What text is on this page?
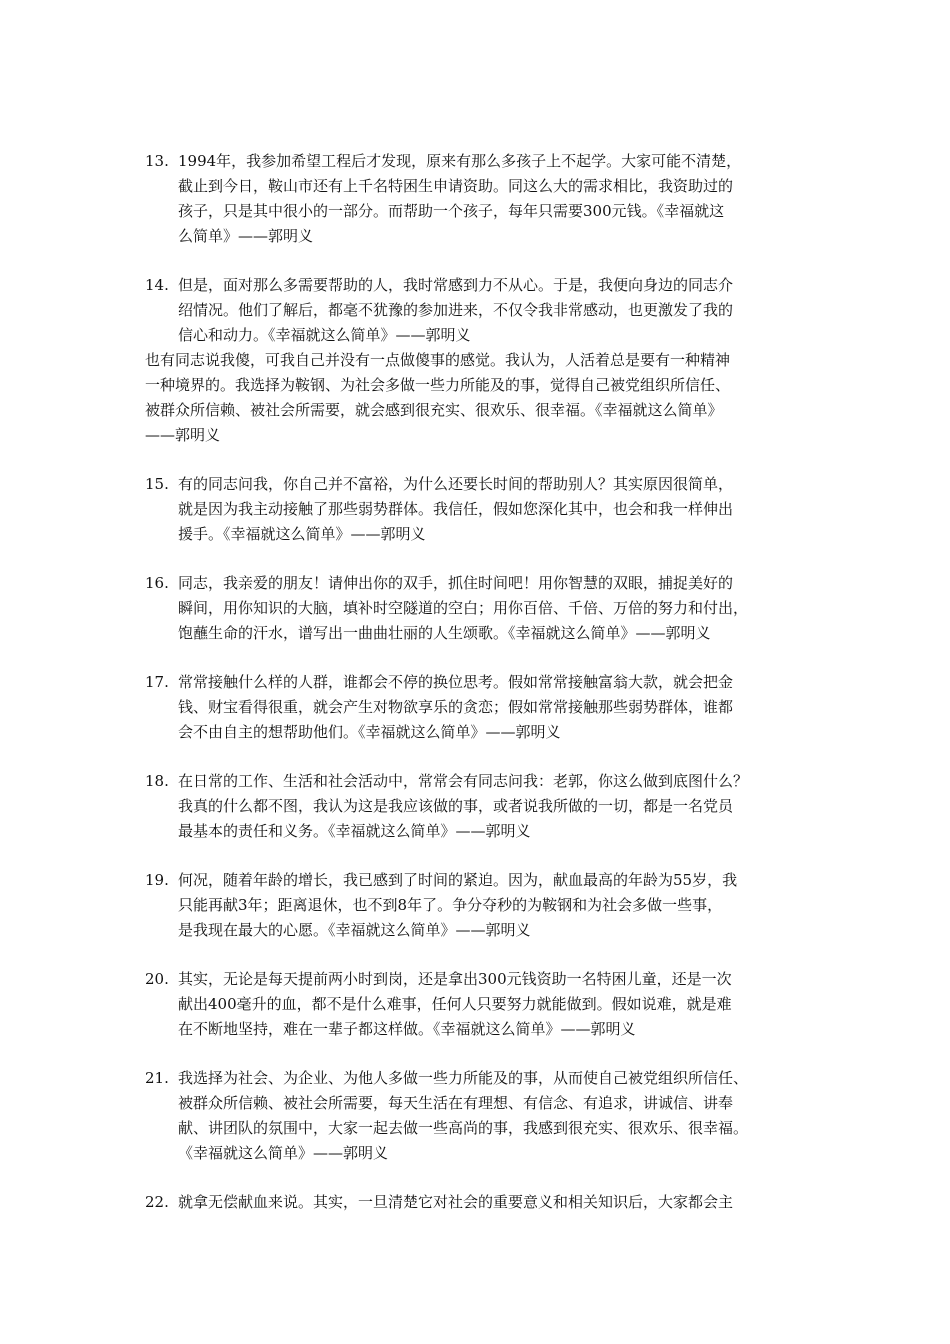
13. 1994年，我参加希望工程后才发现，原来有那么多孩子上不起学。大家可能不清楚，
截止到今日，鞍山市还有上千名特困生申请资助。同这么大的需求相比，我资助过的
孩子，只是其中很小的一部分。而帮助一个孩子，每年只需要300元钱。《幸福就这
么简单》——郭明义
14. 但是，面对那么多需要帮助的人，我时常感到力不从心。于是，我便向身边的同志介
绍情况。他们了解后，都毫不犹豫的参加进来，不仅令我非常感动，也更激发了我的
信心和动力。《幸福就这么简单》——郭明义
也有同志说我傻，可我自己并没有一点做傻事的感觉。我认为，人活着总是要有一种精神
一种境界的。我选择为鞍钢、为社会多做一些力所能及的事，觉得自己被党组织所信任、
被群众所信赖、被社会所需要，就会感到很充实、很欢乐、很幸福。《幸福就这么简单》
——郭明义
15. 有的同志问我，你自己并不富裕，为什么还要长时间的帮助别人？其实原因很简单，
就是因为我主动接触了那些弱势群体。我信任，假如您深化其中，也会和我一样伸出
援手。《幸福就这么简单》——郭明义
16. 同志，我亲爱的朋友！请伸出你的双手，抓住时间吧！用你智慧的双眼，捕捉美好的
瞬间，用你知识的大脑，填补时空隧道的空白；用你百倍、千倍、万倍的努力和付出，
饱蘸生命的汗水，谱写出一曲曲壮丽的人生颂歌。《幸福就这么简单》——郭明义
17. 常常接触什么样的人群，谁都会不停的换位思考。假如常常接触富翁大款，就会把金
钱、财宝看得很重，就会产生对物欲享乐的贪恋；假如常常接触那些弱势群体，谁都
会不由自主的想帮助他们。《幸福就这么简单》——郭明义
18. 在日常的工作、生活和社会活动中，常常会有同志问我：老郭，你这么做到底图什么？
我真的什么都不图，我认为这是我应该做的事，或者说我所做的一切，都是一名党员
最基本的责任和义务。《幸福就这么简单》——郭明义
19. 何况，随着年龄的增长，我已感到了时间的紧迫。因为，献血最高的年龄为55岁，我
只能再献3年；距离退休，也不到8年了。争分夺秒的为鞍钢和为社会多做一些事，
是我现在最大的心愿。《幸福就这么简单》——郭明义
20. 其实，无论是每天提前两小时到岗，还是拿出300元钱资助一名特困儿童，还是一次
献出400毫升的血，都不是什么难事，任何人只要努力就能做到。假如说难，就是难
在不断地坚持，难在一辈子都这样做。《幸福就这么简单》——郭明义
21. 我选择为社会、为企业、为他人多做一些力所能及的事，从而使自己被党组织所信任、
被群众所信赖、被社会所需要，每天生活在有理想、有信念、有追求，讲诚信、讲奉
献、讲团队的氛围中，大家一起去做一些高尚的事，我感到很充实、很欢乐、很幸福。
《幸福就这么简单》——郭明义
22. 就拿无偿献血来说。其实，一旦清楚它对社会的重要意义和相关知识后，大家都会主
